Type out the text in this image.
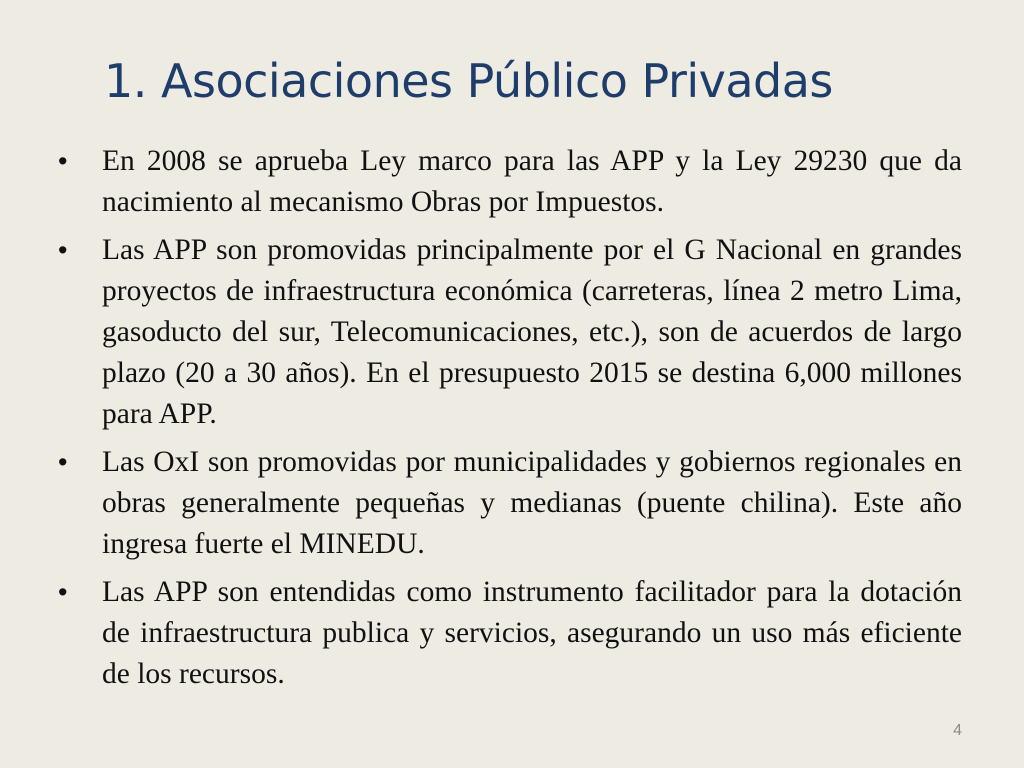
1. Asociaciones Público Privadas
• En 2008 se aprueba Ley marco para las APP y la Ley 29230 que da nacimiento al mecanismo Obras por Impuestos.
• Las APP son promovidas principalmente por el G Nacional en grandes proyectos de infraestructura económica (carreteras, línea 2 metro Lima, gasoducto del sur, Telecomunicaciones, etc.), son de acuerdos de largo plazo (20 a 30 años). En el presupuesto 2015 se destina 6,000 millones para APP.
• Las OxI son promovidas por municipalidades y gobiernos regionales en obras generalmente pequeñas y medianas (puente chilina). Este año ingresa fuerte el MINEDU.
• Las APP son entendidas como instrumento facilitador para la dotación de infraestructura publica y servicios, asegurando un uso más eficiente de los recursos.
4
